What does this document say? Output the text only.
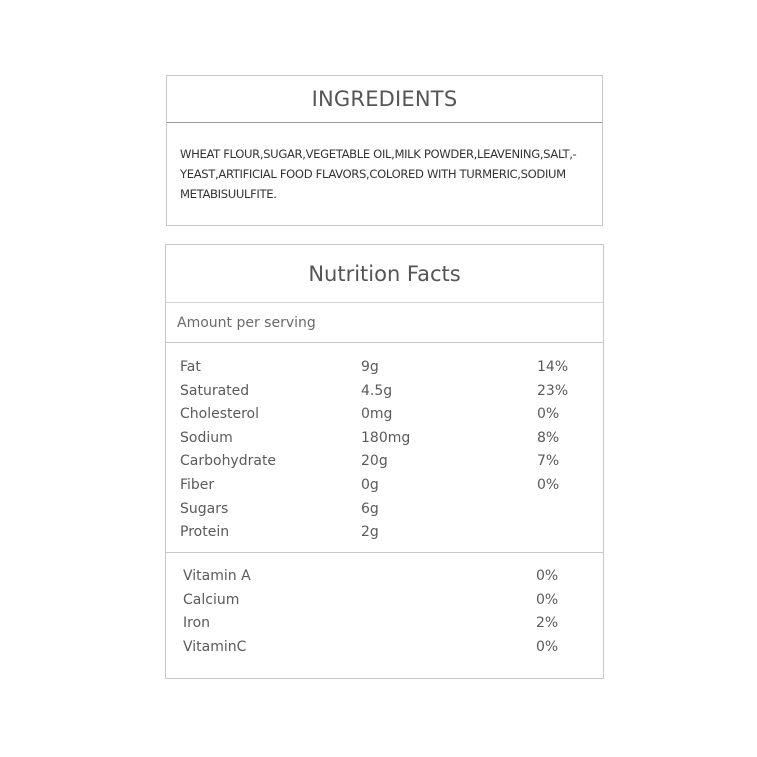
INGREDIENTS
WHEAT FLOUR,SUGAR,VEGETABLE OIL,MILK POWDER,LEAVENING,SALT,-YEAST,ARTIFICIAL FOOD FLAVORS,COLORED WITH TURMERIC,SODIUM METABISUULFITE.
Nutrition Facts
Amount per serving
Fat	9g	14%
Saturated	4.5g	23%
Cholesterol	0mg	0%
Sodium	180mg	8%
Carbohydrate	20g	7%
Fiber	0g	0%
Sugars	6g
Protein	2g
Vitamin A	0%
Calcium	0%
Iron	2%
VitaminC	0%
